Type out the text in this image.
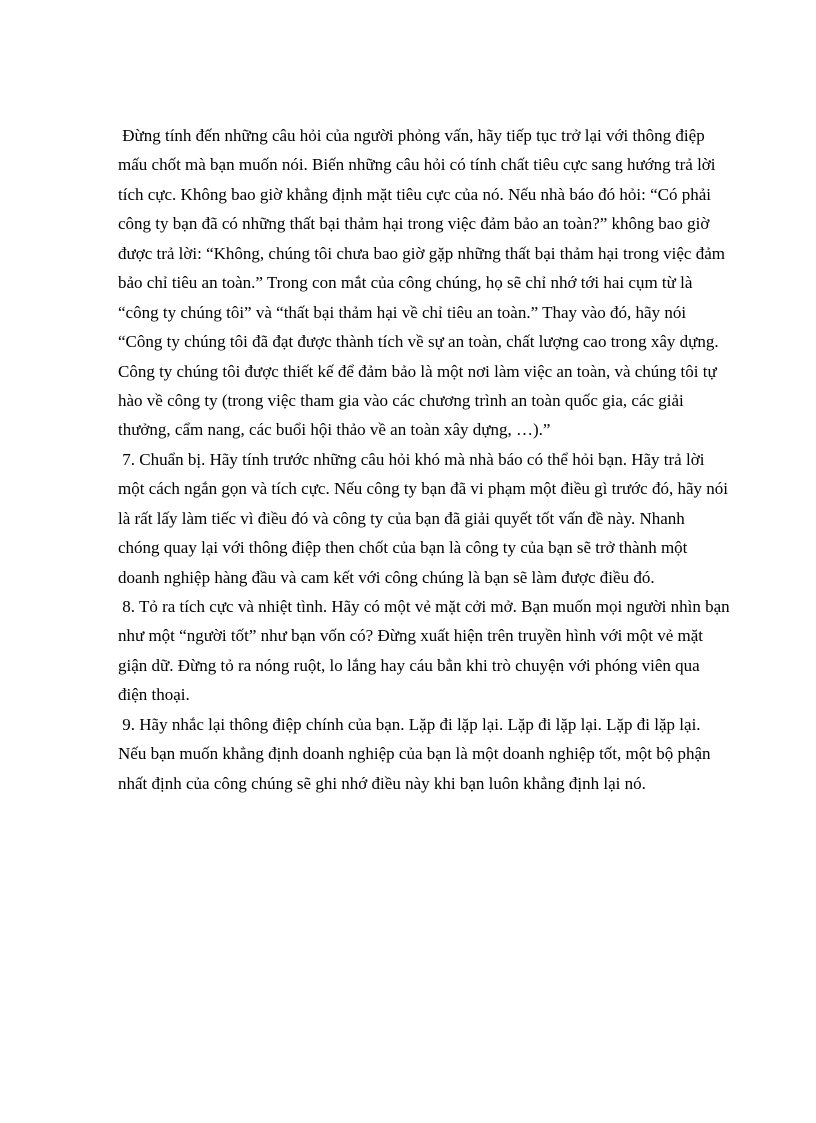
Đừng tính đến những câu hỏi của người phỏng vấn, hãy tiếp tục trở lại với thông điệp
mấu chốt mà bạn muốn nói. Biến những câu hỏi có tính chất tiêu cực sang hướng trả lời
tích cực. Không bao giờ khẳng định mặt tiêu cực của nó. Nếu nhà báo đó hỏi: “Có phải
công ty bạn đã có những thất bại thảm hại trong việc đảm bảo an toàn?” không bao giờ
được trả lời: “Không, chúng tôi chưa bao giờ gặp những thất bại thảm hại trong việc đảm
bảo chỉ tiêu an toàn.” Trong con mắt của công chúng, họ sẽ chỉ nhớ tới hai cụm từ là
“công ty chúng tôi” và “thất bại thảm hại về chỉ tiêu an toàn.” Thay vào đó, hãy nói
“Công ty chúng tôi đã đạt được thành tích về sự an toàn, chất lượng cao trong xây dựng.
Công ty chúng tôi được thiết kế để đảm bảo là một nơi làm việc an toàn, và chúng tôi tự
hào về công ty (trong việc tham gia vào các chương trình an toàn quốc gia, các giải
thưởng, cẩm nang, các buổi hội thảo về an toàn xây dựng, …).”
7. Chuẩn bị. Hãy tính trước những câu hỏi khó mà nhà báo có thể hỏi bạn. Hãy trả lời
một cách ngắn gọn và tích cực. Nếu công ty bạn đã vi phạm một điều gì trước đó, hãy nói
là rất lấy làm tiếc vì điều đó và công ty của bạn đã giải quyết tốt vấn đề này. Nhanh
chóng quay lại với thông điệp then chốt của bạn là công ty của bạn sẽ trở thành một
doanh nghiệp hàng đầu và cam kết với công chúng là bạn sẽ làm được điều đó.
8. Tỏ ra tích cực và nhiệt tình. Hãy có một vẻ mặt cởi mở. Bạn muốn mọi người nhìn bạn
như một “người tốt” như bạn vốn có? Đừng xuất hiện trên truyền hình với một vẻ mặt
giận dữ. Đừng tỏ ra nóng ruột, lo lắng hay cáu bẳn khi trò chuyện với phóng viên qua
điện thoại.
9. Hãy nhắc lại thông điệp chính của bạn. Lặp đi lặp lại. Lặp đi lặp lại. Lặp đi lặp lại.
Nếu bạn muốn khẳng định doanh nghiệp của bạn là một doanh nghiệp tốt, một bộ phận
nhất định của công chúng sẽ ghi nhớ điều này khi bạn luôn khẳng định lại nó.
